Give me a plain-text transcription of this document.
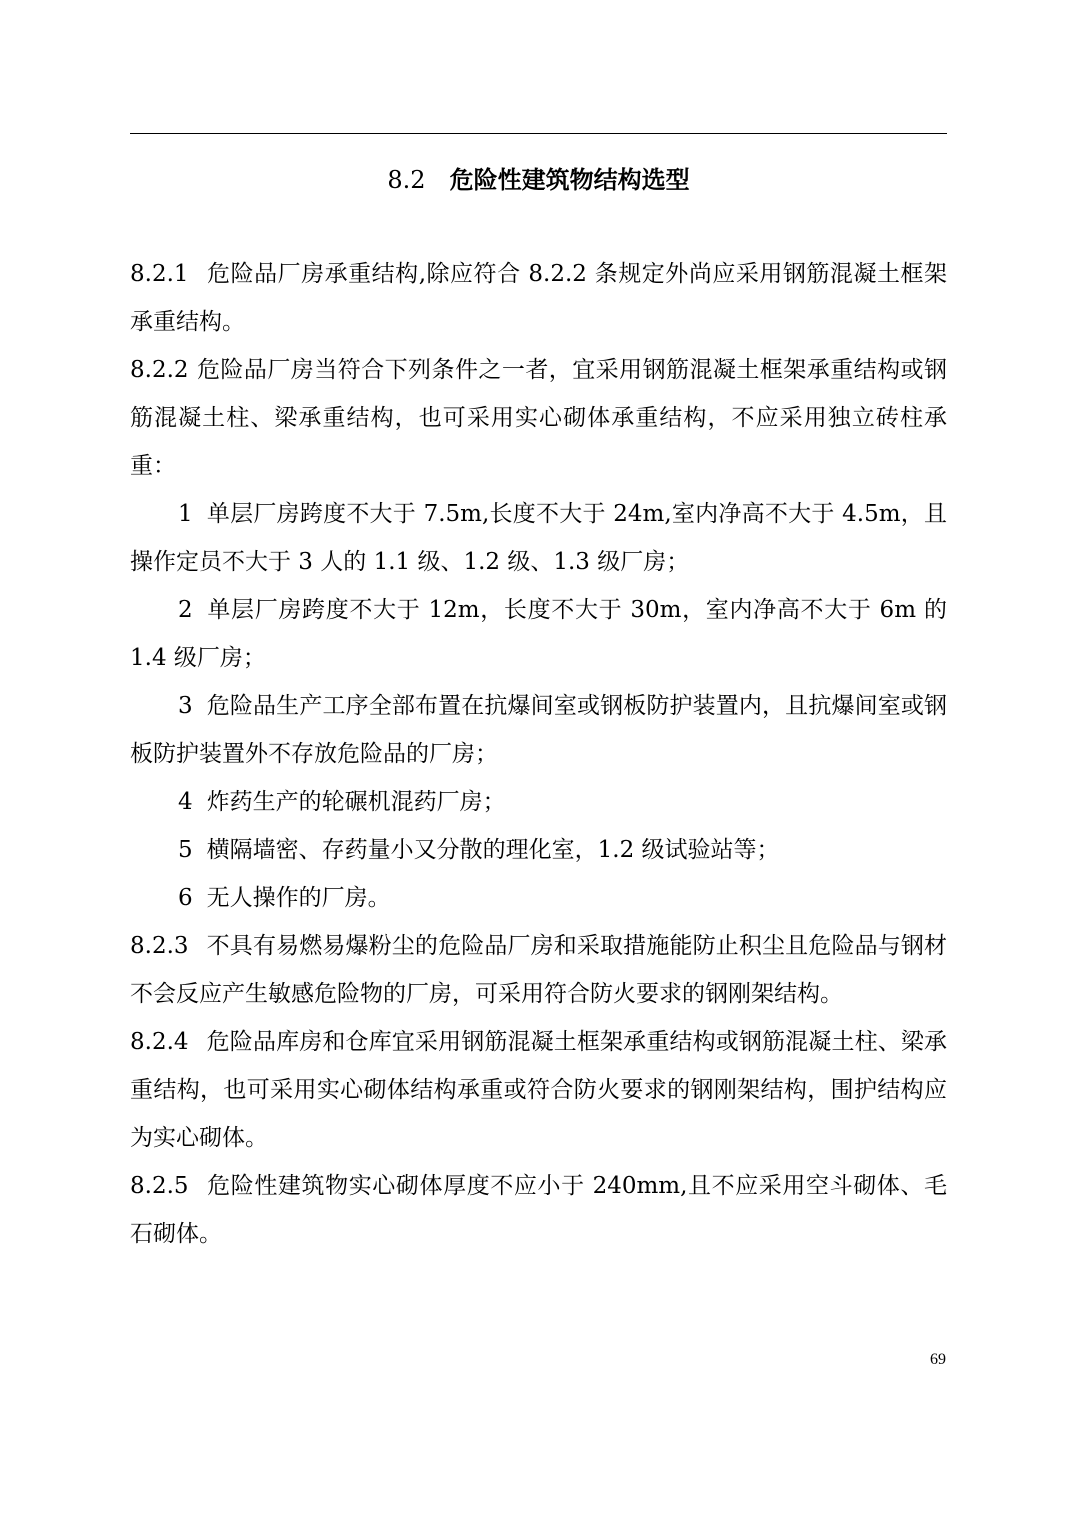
8.2 危险性建筑物结构选型

8.2.1 危险品厂房承重结构,除应符合 8.2.2 条规定外尚应采用钢筋混凝土框架承重结构。

8.2.2 危险品厂房当符合下列条件之一者，宜采用钢筋混凝土框架承重结构或钢筋混凝土柱、梁承重结构，也可采用实心砌体承重结构，不应采用独立砖柱承重：

1 单层厂房跨度不大于 7.5m,长度不大于 24m,室内净高不大于 4.5m，且操作定员不大于 3 人的 1.1 级、1.2 级、1.3 级厂房；

2 单层厂房跨度不大于 12m，长度不大于 30m，室内净高不大于 6m 的 1.4 级厂房；

3 危险品生产工序全部布置在抗爆间室或钢板防护装置内，且抗爆间室或钢板防护装置外不存放危险品的厂房；

4 炸药生产的轮碾机混药厂房；

5 横隔墙密、存药量小又分散的理化室，1.2 级试验站等；

6 无人操作的厂房。

8.2.3 不具有易燃易爆粉尘的危险品厂房和采取措施能防止积尘且危险品与钢材不会反应产生敏感危险物的厂房，可采用符合防火要求的钢刚架结构。

8.2.4 危险品库房和仓库宜采用钢筋混凝土框架承重结构或钢筋混凝土柱、梁承重结构，也可采用实心砌体结构承重或符合防火要求的钢刚架结构，围护结构应为实心砌体。

8.2.5 危险性建筑物实心砌体厚度不应小于 240mm,且不应采用空斗砌体、毛石砌体。

69
